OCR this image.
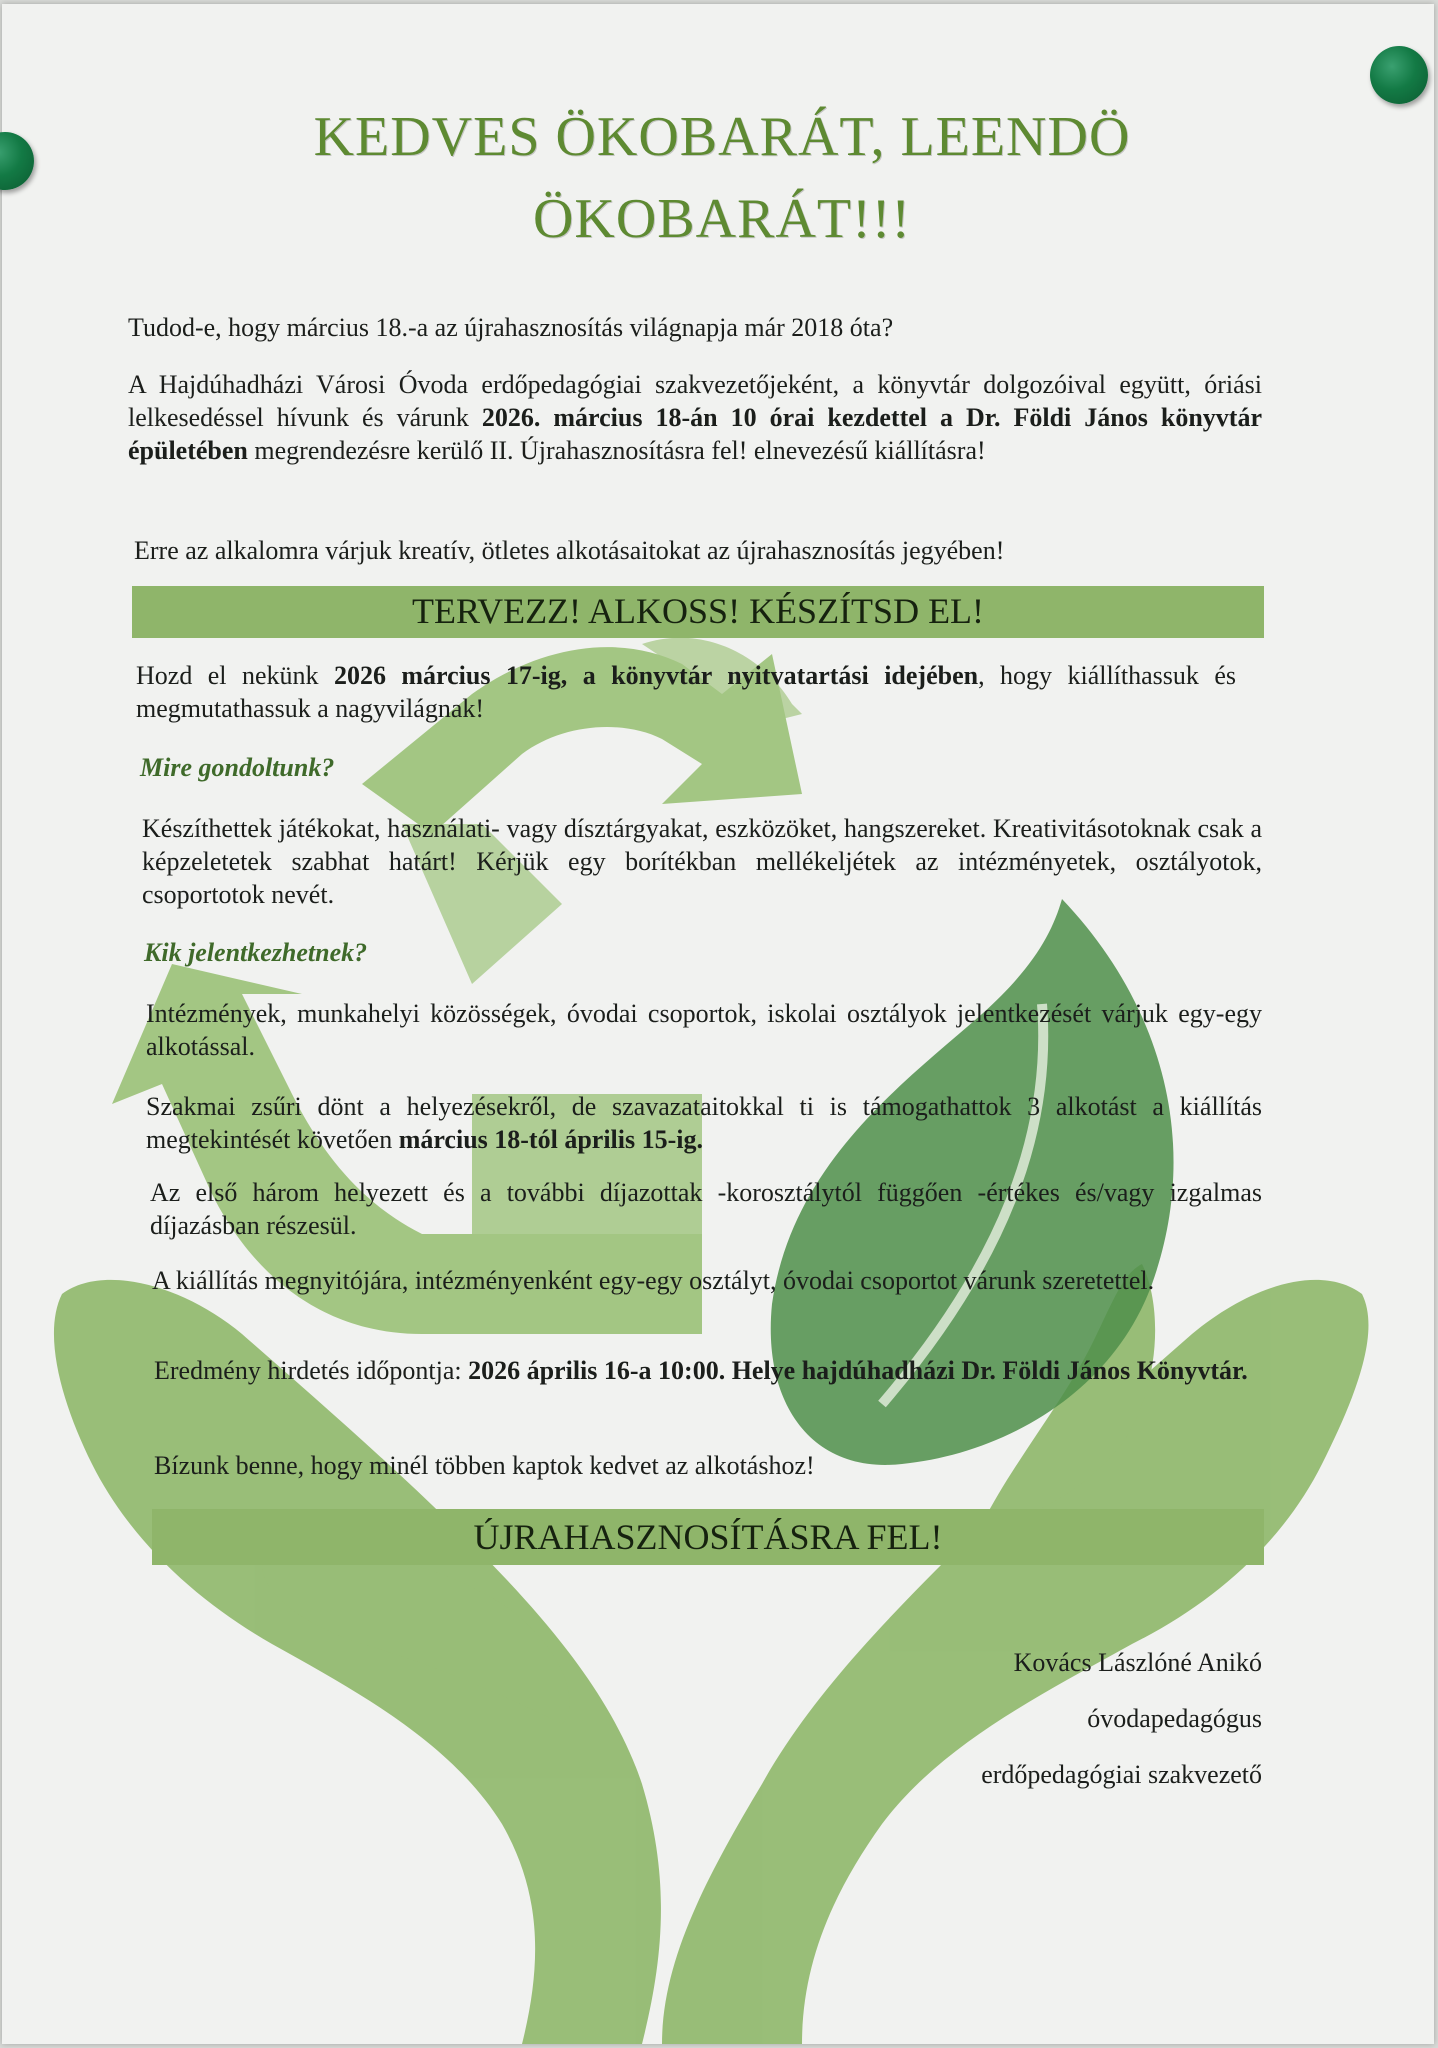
KEDVES ÖKOBARÁT, LEENDÖ ÖKOBARÁT!!!
Tudod-e, hogy március 18.-a az újrahasznosítás világnapja már 2018 óta?
A Hajdúhadházi Városi Óvoda erdőpedagógiai szakvezetőjeként, a könyvtár dolgozóival együtt, óriási lelkesedéssel hívunk és várunk 2026. március 18-án 10 órai kezdettel a Dr. Földi János könyvtár épületében megrendezésre kerülő II. Újrahasznosításra fel! elnevezésű kiállításra!
Erre az alkalomra várjuk kreatív, ötletes alkotásaitokat az újrahasznosítás jegyében!
TERVEZZ! ALKOSS! KÉSZÍTSD EL!
Hozd el nekünk 2026 március 17-ig, a könyvtár nyitvatartási idejében, hogy kiállíthassuk és megmutathassuk a nagyvilágnak!
Mire gondoltunk?
Készíthettek játékokat, használati- vagy dísztárgyakat, eszközöket, hangszereket. Kreativitásotoknak csak a képzeletetek szabhat határt! Kérjük egy borítékban mellékeljétek az intézményetek, osztályotok, csoportotok nevét.
Kik jelentkezhetnek?
Intézmények, munkahelyi közösségek, óvodai csoportok, iskolai osztályok jelentkezését várjuk egy-egy alkotással.
Szakmai zsűri dönt a helyezésekről, de szavazataitokkal ti is támogathattok 3 alkotást a kiállítás megtekintését követően március 18-tól április 15-ig.
Az első három helyezett és a további díjazottak -korosztálytól függően -értékes és/vagy izgalmas díjazásban részesül.
A kiállítás megnyitójára, intézményenként egy-egy osztályt, óvodai csoportot várunk szeretettel.
Eredmény hirdetés időpontja: 2026 április 16-a 10:00. Helye hajdúhadházi Dr. Földi János Könyvtár.
Bízunk benne, hogy minél többen kaptok kedvet az alkotáshoz!
ÚJRAHASZNOSÍTÁSRA FEL!
Kovács Lászlóné Anikó
óvodapedagógus
erdőpedagógiai szakvezető
